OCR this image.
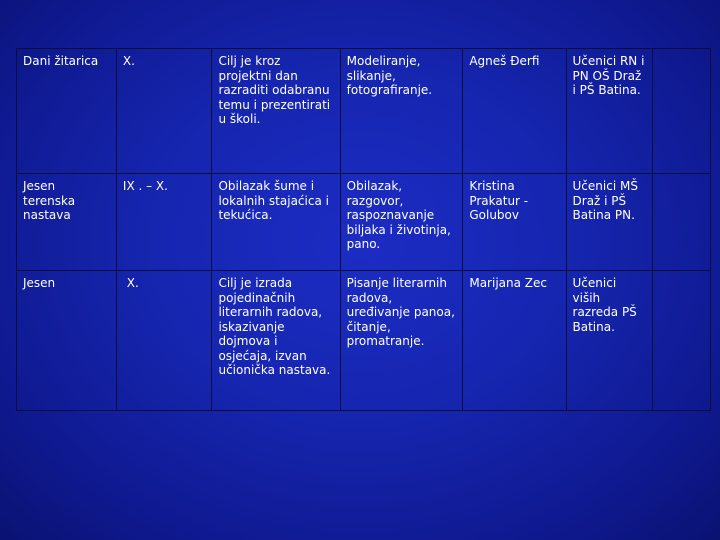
Dani žitarica	X.	Cilj je kroz projektni dan razraditi odabranu temu i prezentirati u školi.	Modeliranje, slikanje, fotografiranje.	Agneš Đerfi	Učenici RN i PN OŠ Draž i PŠ Batina.	
Jesen terenska nastava	IX . – X.	Obilazak šume i lokalnih stajaćica i tekućica.	Obilazak, razgovor, raspoznavanje biljaka i životinja, pano.	Kristina Prakatur - Golubov	Učenici MŠ Draž i PŠ Batina PN.	
Jesen	X.	Cilj je izrada pojedinačnih literarnih radova, iskazivanje dojmova i osjećaja, izvan učionička nastava.	Pisanje literarnih radova, uređivanje panoa, čitanje, promatranje.	Marijana Zec	Učenici viših razreda PŠ Batina.	
